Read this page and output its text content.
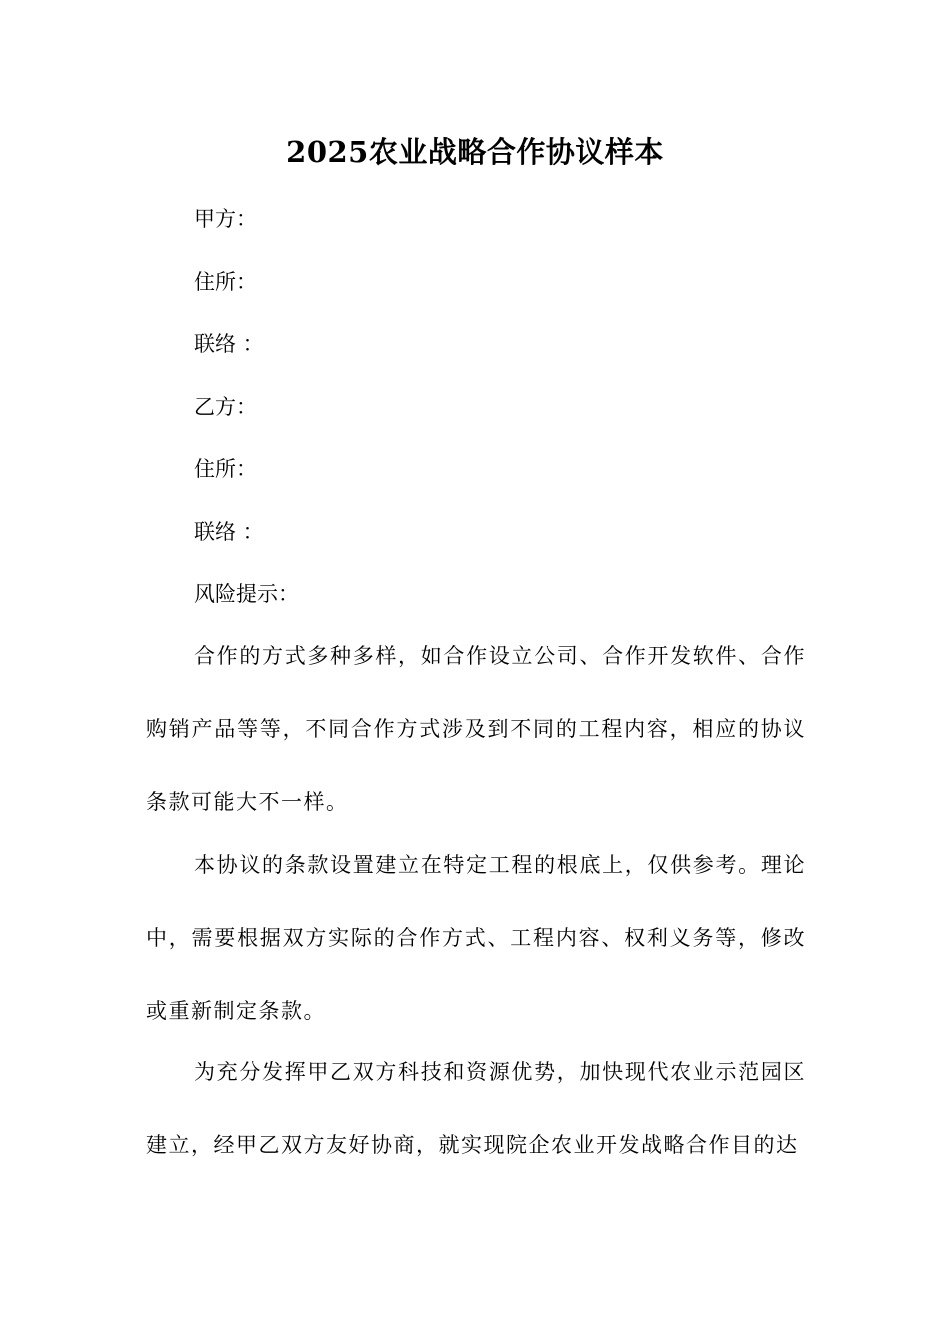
2025农业战略合作协议样本
甲方：
住所：
联络 ：
乙方：
住所：
联络 ：
风险提示：
合作的方式多种多样，如合作设立公司、合作开发软件、合作购销产品等等，不同合作方式涉及到不同的工程内容，相应的协议条款可能大不一样。
本协议的条款设置建立在特定工程的根底上，仅供参考。理论中，需要根据双方实际的合作方式、工程内容、权利义务等，修改或重新制定条款。
为充分发挥甲乙双方科技和资源优势，加快现代农业示范园区建立，经甲乙双方友好协商，就实现院企农业开发战略合作目的达
